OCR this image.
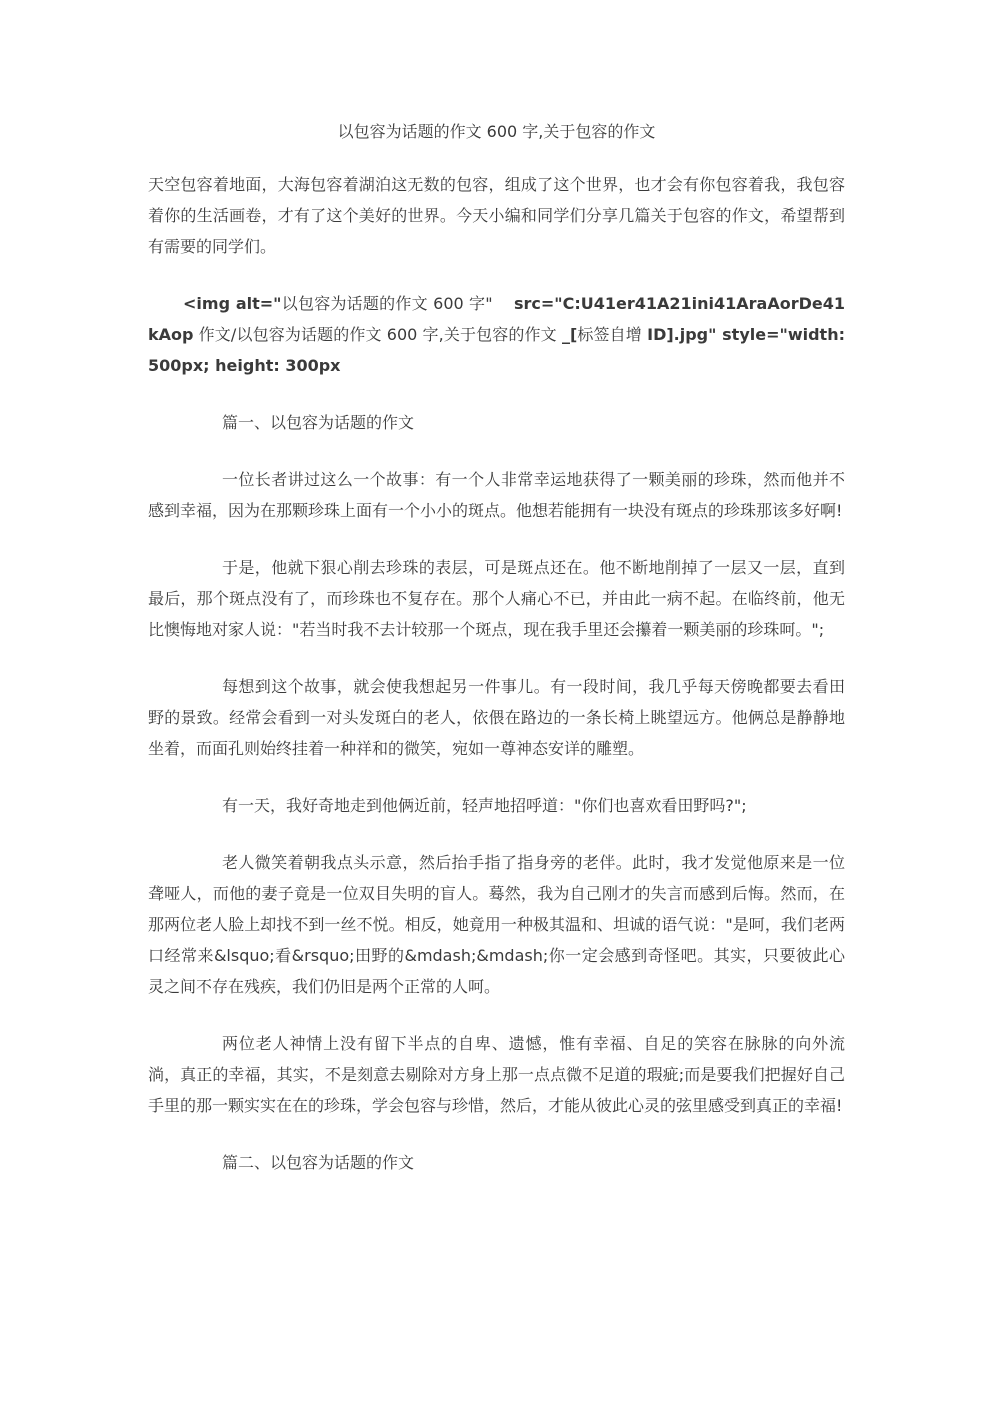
以包容为话题的作文 600 字,关于包容的作文

天空包容着地面，大海包容着湖泊这无数的包容，组成了这个世界，也才会有你包容着我，我包容着你的生活画卷，才有了这个美好的世界。今天小编和同学们分享几篇关于包容的作文，希望帮到有需要的同学们。

<img alt="以包容为话题的作文 600 字"    src="C:U41er41A21ini41AraAorDe41kAop 作文/以包容为话题的作文 600 字,关于包容的作文 _[标签自增 ID].jpg" style="width: 500px; height: 300px

篇一、以包容为话题的作文

一位长者讲过这么一个故事：有一个人非常幸运地获得了一颗美丽的珍珠，然而他并不感到幸福，因为在那颗珍珠上面有一个小小的斑点。他想若能拥有一块没有斑点的珍珠那该多好啊!

于是，他就下狠心削去珍珠的表层，可是斑点还在。他不断地削掉了一层又一层，直到最后，那个斑点没有了，而珍珠也不复存在。那个人痛心不已，并由此一病不起。在临终前，他无比懊悔地对家人说："若当时我不去计较那一个斑点，现在我手里还会攥着一颗美丽的珍珠呵。";

每想到这个故事，就会使我想起另一件事儿。有一段时间，我几乎每天傍晚都要去看田野的景致。经常会看到一对头发斑白的老人，依偎在路边的一条长椅上眺望远方。他俩总是静静地坐着，而面孔则始终挂着一种祥和的微笑，宛如一尊神态安详的雕塑。

有一天，我好奇地走到他俩近前，轻声地招呼道："你们也喜欢看田野吗?";

老人微笑着朝我点头示意，然后抬手指了指身旁的老伴。此时，我才发觉他原来是一位聋哑人，而他的妻子竟是一位双目失明的盲人。蓦然，我为自己刚才的失言而感到后悔。然而，在那两位老人脸上却找不到一丝不悦。相反，她竟用一种极其温和、坦诚的语气说："是呵，我们老两口经常来&lsquo;看&rsquo;田野的&mdash;&mdash;你一定会感到奇怪吧。其实，只要彼此心灵之间不存在残疾，我们仍旧是两个正常的人呵。

两位老人神情上没有留下半点的自卑、遗憾，惟有幸福、自足的笑容在脉脉的向外流淌，真正的幸福，其实，不是刻意去剔除对方身上那一点点微不足道的瑕疵;而是要我们把握好自己手里的那一颗实实在在的珍珠，学会包容与珍惜，然后，才能从彼此心灵的弦里感受到真正的幸福!

篇二、以包容为话题的作文
